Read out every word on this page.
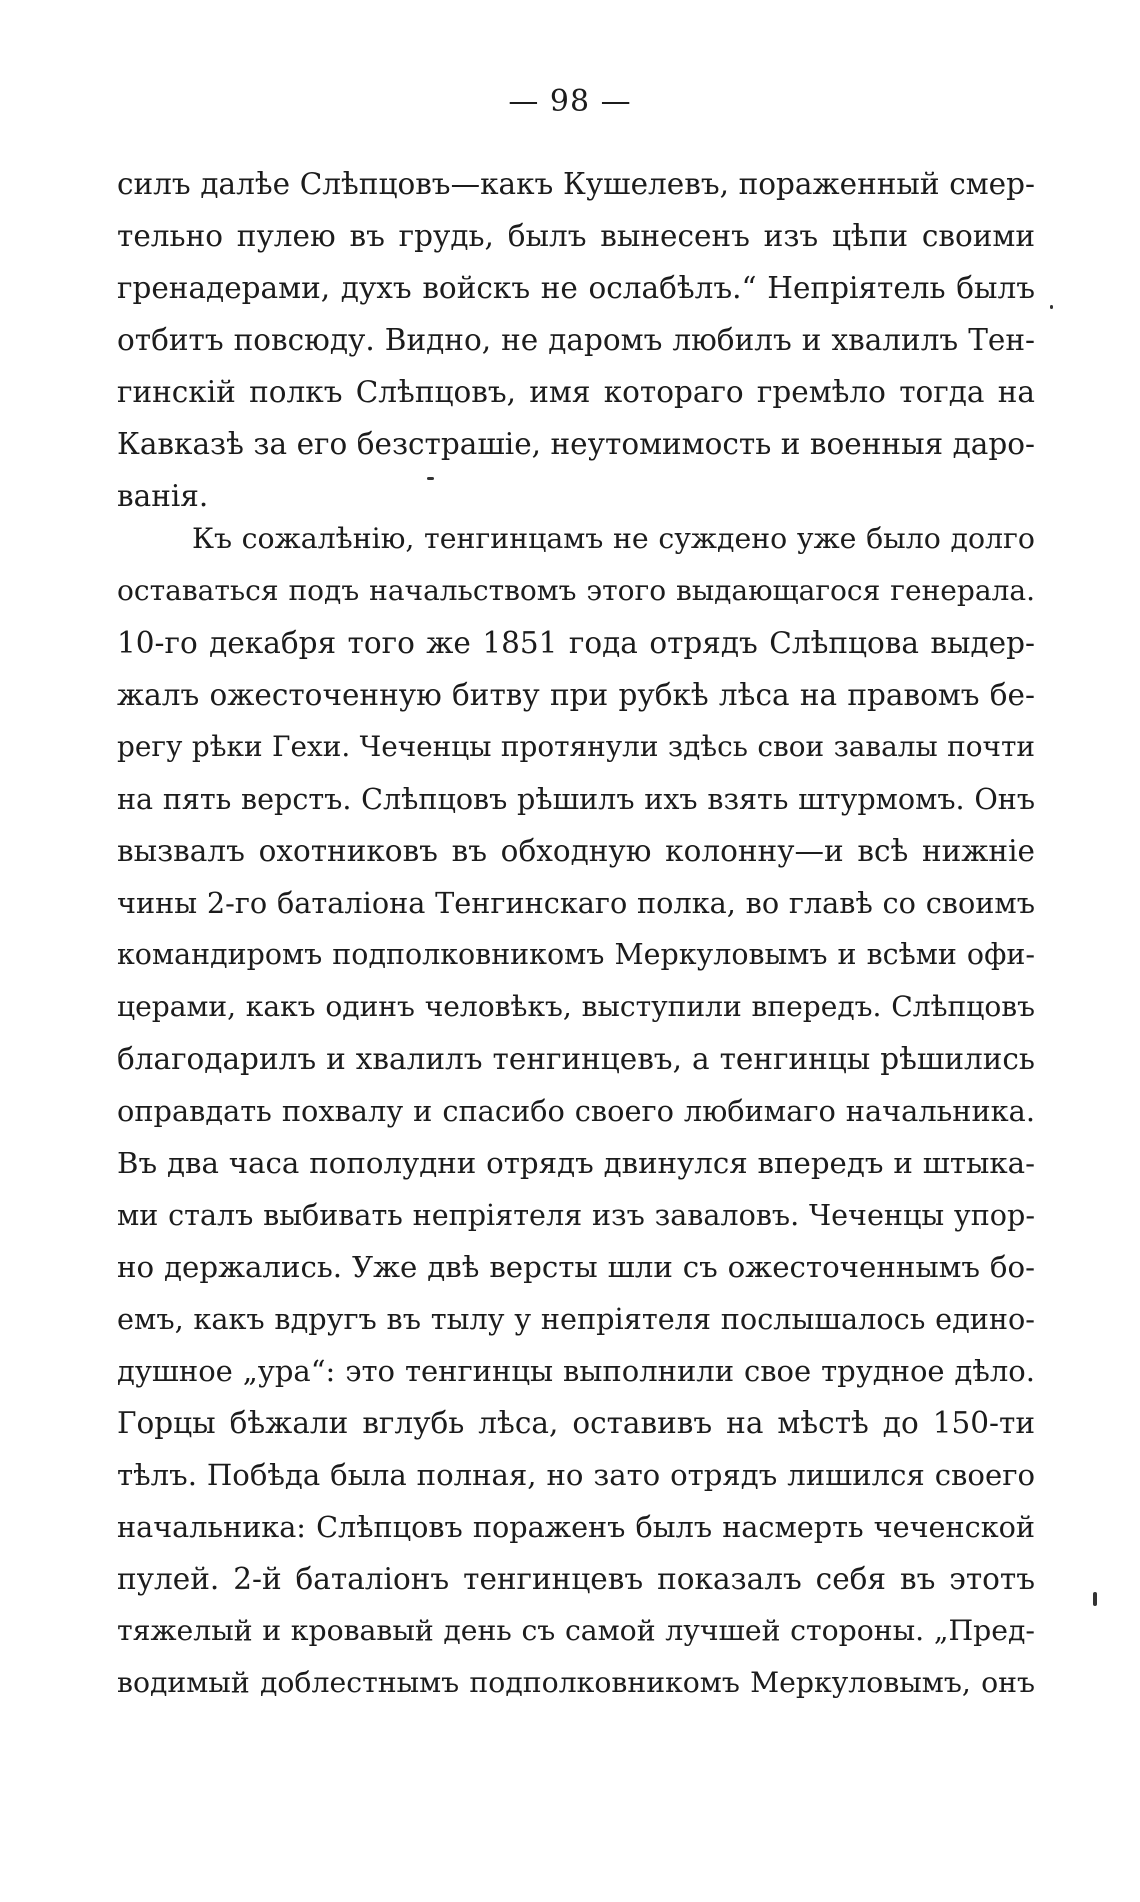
— 98 —
силъ далѣе Слѣпцовъ—какъ Кушелевъ, пораженный смер-
тельно пулею въ грудь, былъ вынесенъ изъ цѣпи своими
гренадерами, духъ войскъ не ослабѣлъ.“ Непріятель былъ
отбитъ повсюду. Видно, не даромъ любилъ и хвалилъ Тен-
гинскій полкъ Слѣпцовъ, имя котораго гремѣло тогда на
Кавказѣ за его безстрашіе, неутомимость и военныя даро-
ванія.
Къ сожалѣнію, тенгинцамъ не суждено уже было долго
оставаться подъ начальствомъ этого выдающагося генерала.
10-го декабря того же 1851 года отрядъ Слѣпцова выдер-
жалъ ожесточенную битву при рубкѣ лѣса на правомъ бе-
регу рѣки Гехи. Чеченцы протянули здѣсь свои завалы почти
на пять верстъ. Слѣпцовъ рѣшилъ ихъ взять штурмомъ. Онъ
вызвалъ охотниковъ въ обходную колонну—и всѣ нижніе
чины 2-го баталіона Тенгинскаго полка, во главѣ со своимъ
командиромъ подполковникомъ Меркуловымъ и всѣми офи-
церами, какъ одинъ человѣкъ, выступили впередъ. Слѣпцовъ
благодарилъ и хвалилъ тенгинцевъ, а тенгинцы рѣшились
оправдать похвалу и спасибо своего любимаго начальника.
Въ два часа пополудни отрядъ двинулся впередъ и штыка-
ми сталъ выбивать непріятеля изъ заваловъ. Чеченцы упор-
но держались. Уже двѣ версты шли съ ожесточеннымъ бо-
емъ, какъ вдругъ въ тылу у непріятеля послышалось едино-
душное „ура“: это тенгинцы выполнили свое трудное дѣло.
Горцы бѣжали вглубь лѣса, оставивъ на мѣстѣ до 150-ти
тѣлъ. Побѣда была полная, но зато отрядъ лишился своего
начальника: Слѣпцовъ пораженъ былъ насмерть чеченской
пулей. 2-й баталіонъ тенгинцевъ показалъ себя въ этотъ
тяжелый и кровавый день съ самой лучшей стороны. „Пред-
водимый доблестнымъ подполковникомъ Меркуловымъ, онъ
